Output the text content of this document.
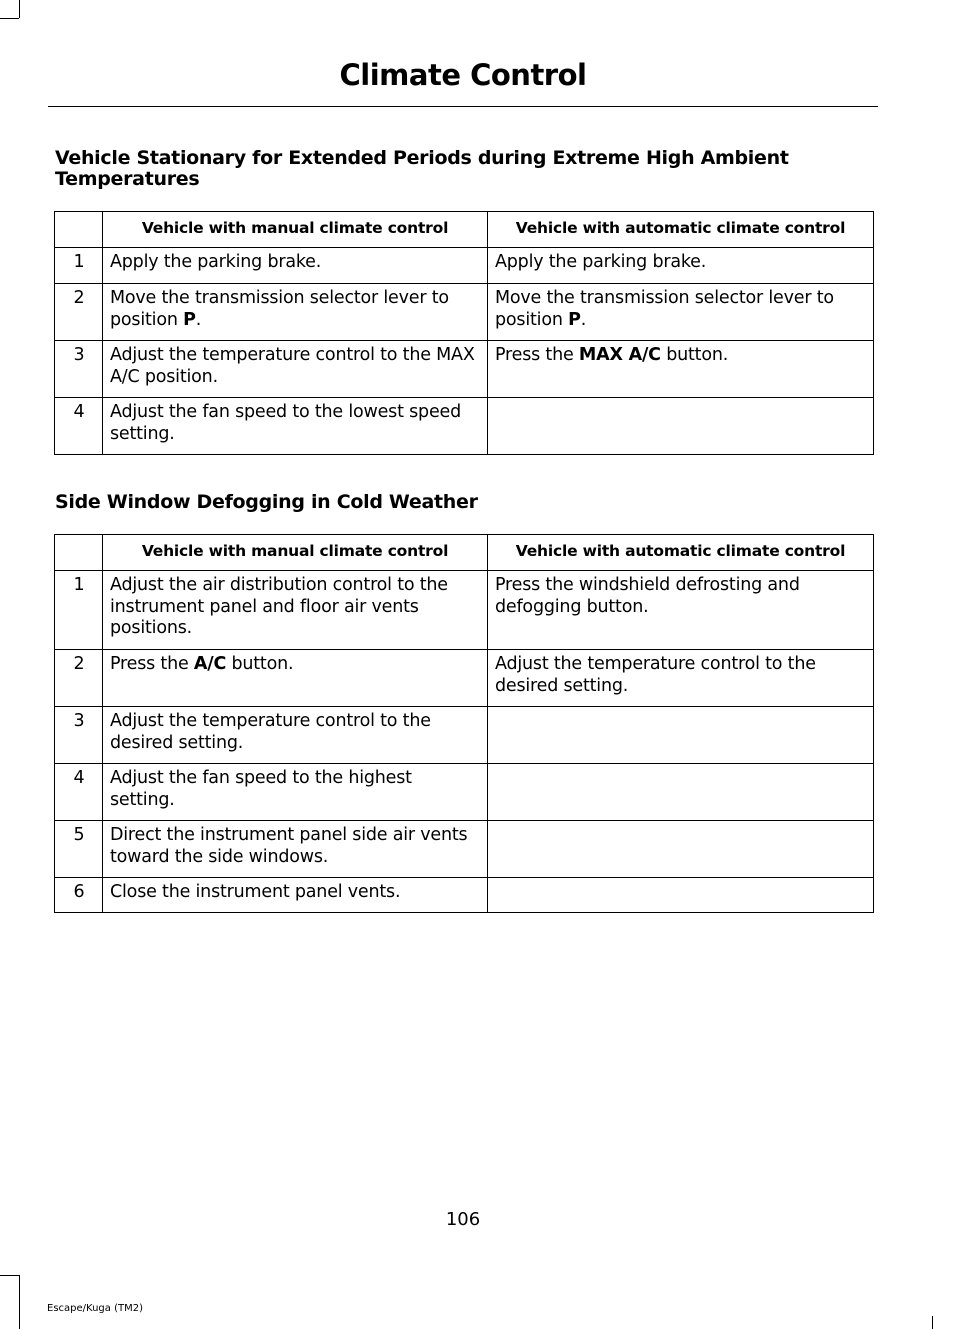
Climate Control
Vehicle Stationary for Extended Periods during Extreme High Ambient Temperatures
	Vehicle with manual climate control	Vehicle with automatic climate control
1	Apply the parking brake.	Apply the parking brake.
2	Move the transmission selector lever to position P.	Move the transmission selector lever to position P.
3	Adjust the temperature control to the MAX A/C position.	Press the MAX A/C button.
4	Adjust the fan speed to the lowest speed setting.	
Side Window Defogging in Cold Weather
	Vehicle with manual climate control	Vehicle with automatic climate control
1	Adjust the air distribution control to the instrument panel and floor air vents positions.	Press the windshield defrosting and defogging button.
2	Press the A/C button.	Adjust the temperature control to the desired setting.
3	Adjust the temperature control to the desired setting.	
4	Adjust the fan speed to the highest setting.	
5	Direct the instrument panel side air vents toward the side windows.	
6	Close the instrument panel vents.	
106
Escape/Kuga (TM2)
